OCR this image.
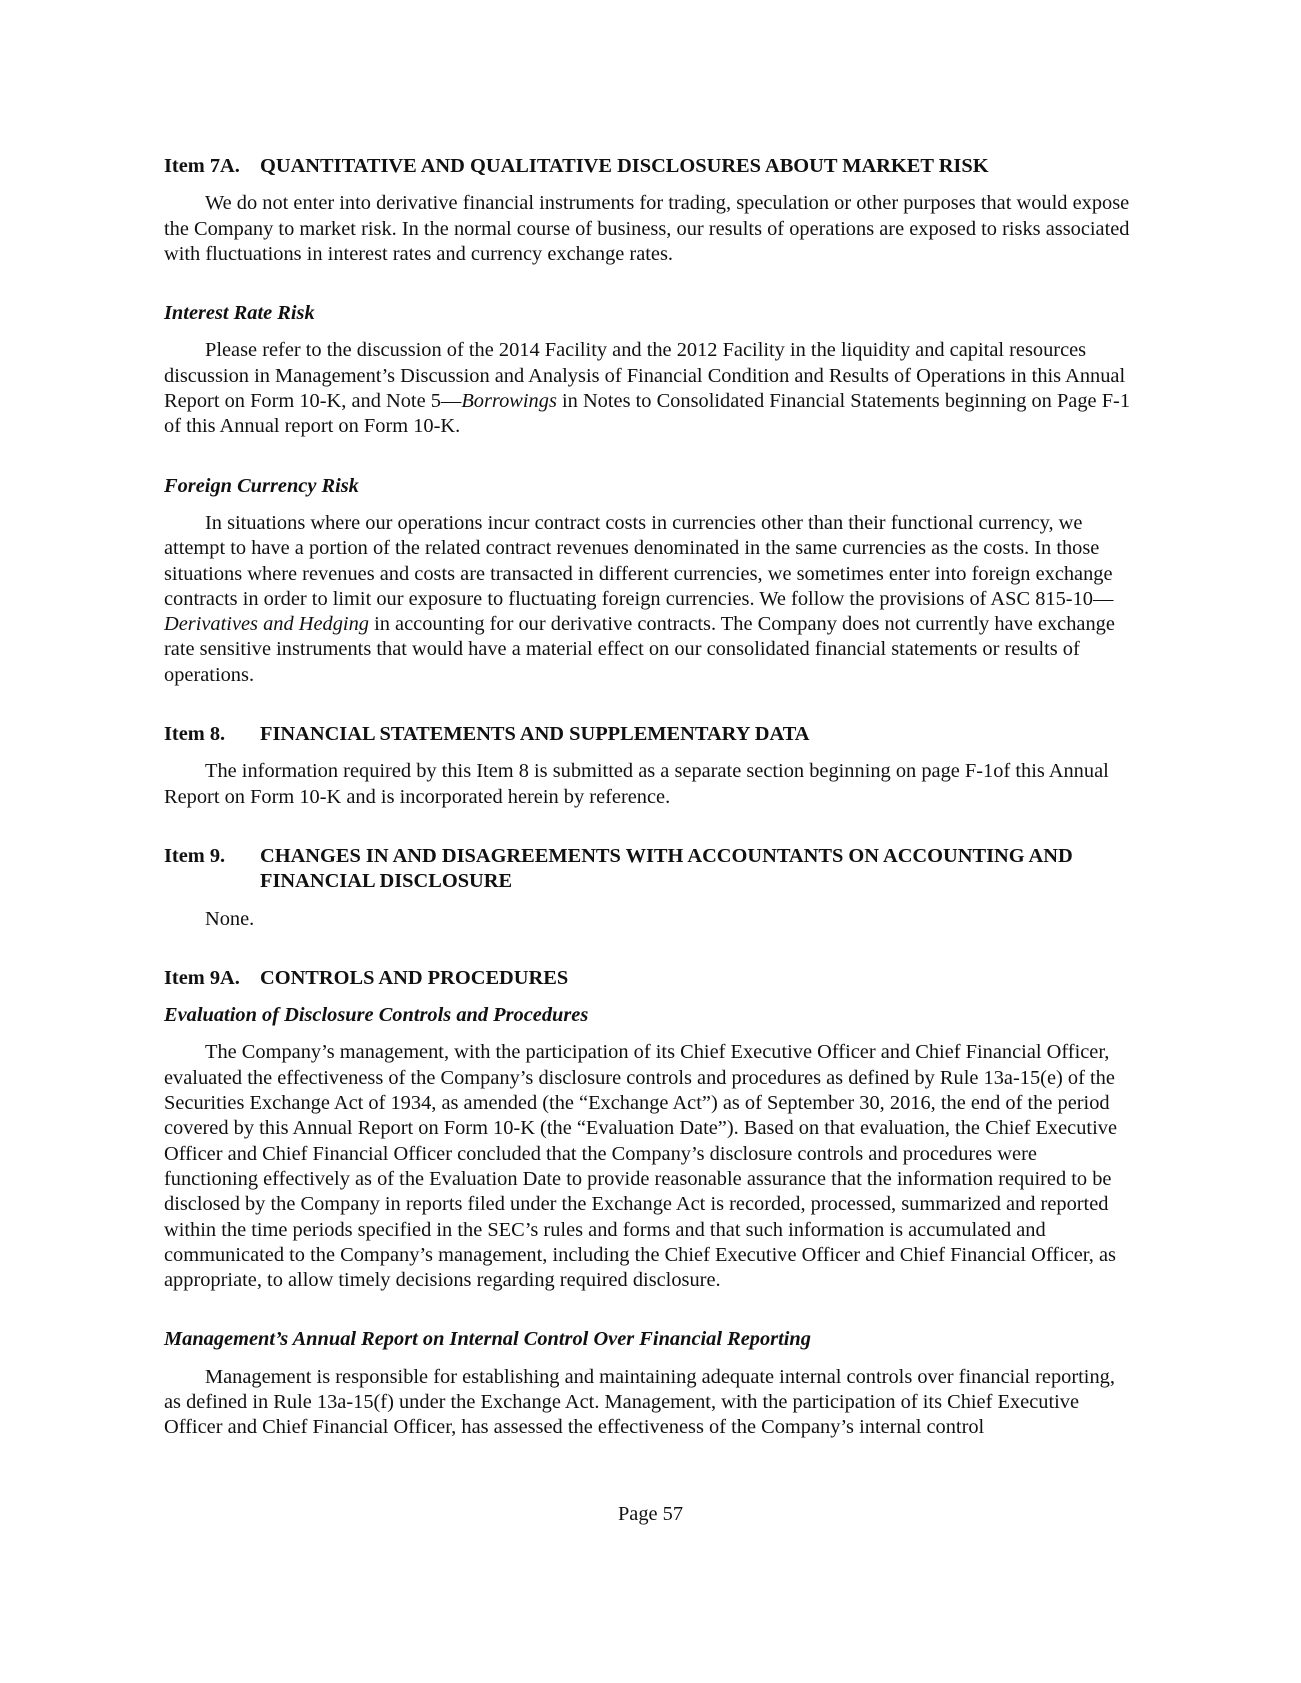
Item 7A. QUANTITATIVE AND QUALITATIVE DISCLOSURES ABOUT MARKET RISK

We do not enter into derivative financial instruments for trading, speculation or other purposes that would expose the Company to market risk. In the normal course of business, our results of operations are exposed to risks associated with fluctuations in interest rates and currency exchange rates.

Interest Rate Risk

Please refer to the discussion of the 2014 Facility and the 2012 Facility in the liquidity and capital resources discussion in Management’s Discussion and Analysis of Financial Condition and Results of Operations in this Annual Report on Form 10-K, and Note 5—Borrowings in Notes to Consolidated Financial Statements beginning on Page F-1 of this Annual report on Form 10-K.

Foreign Currency Risk

In situations where our operations incur contract costs in currencies other than their functional currency, we attempt to have a portion of the related contract revenues denominated in the same currencies as the costs. In those situations where revenues and costs are transacted in different currencies, we sometimes enter into foreign exchange contracts in order to limit our exposure to fluctuating foreign currencies. We follow the provisions of ASC 815-10—Derivatives and Hedging in accounting for our derivative contracts. The Company does not currently have exchange rate sensitive instruments that would have a material effect on our consolidated financial statements or results of operations.

Item 8.	FINANCIAL STATEMENTS AND SUPPLEMENTARY DATA

The information required by this Item 8 is submitted as a separate section beginning on page F-1of this Annual Report on Form 10-K and is incorporated herein by reference.

Item 9.	CHANGES IN AND DISAGREEMENTS WITH ACCOUNTANTS ON ACCOUNTING AND FINANCIAL DISCLOSURE

None.

Item 9A. CONTROLS AND PROCEDURES

Evaluation of Disclosure Controls and Procedures

The Company’s management, with the participation of its Chief Executive Officer and Chief Financial Officer, evaluated the effectiveness of the Company’s disclosure controls and procedures as defined by Rule 13a-15(e) of the Securities Exchange Act of 1934, as amended (the “Exchange Act”) as of September 30, 2016, the end of the period covered by this Annual Report on Form 10-K (the “Evaluation Date”). Based on that evaluation, the Chief Executive Officer and Chief Financial Officer concluded that the Company’s disclosure controls and procedures were functioning effectively as of the Evaluation Date to provide reasonable assurance that the information required to be disclosed by the Company in reports filed under the Exchange Act is recorded, processed, summarized and reported within the time periods specified in the SEC’s rules and forms and that such information is accumulated and communicated to the Company’s management, including the Chief Executive Officer and Chief Financial Officer, as appropriate, to allow timely decisions regarding required disclosure.

Management’s Annual Report on Internal Control Over Financial Reporting

Management is responsible for establishing and maintaining adequate internal controls over financial reporting, as defined in Rule 13a-15(f) under the Exchange Act. Management, with the participation of its Chief Executive Officer and Chief Financial Officer, has assessed the effectiveness of the Company’s internal control

Page 57
